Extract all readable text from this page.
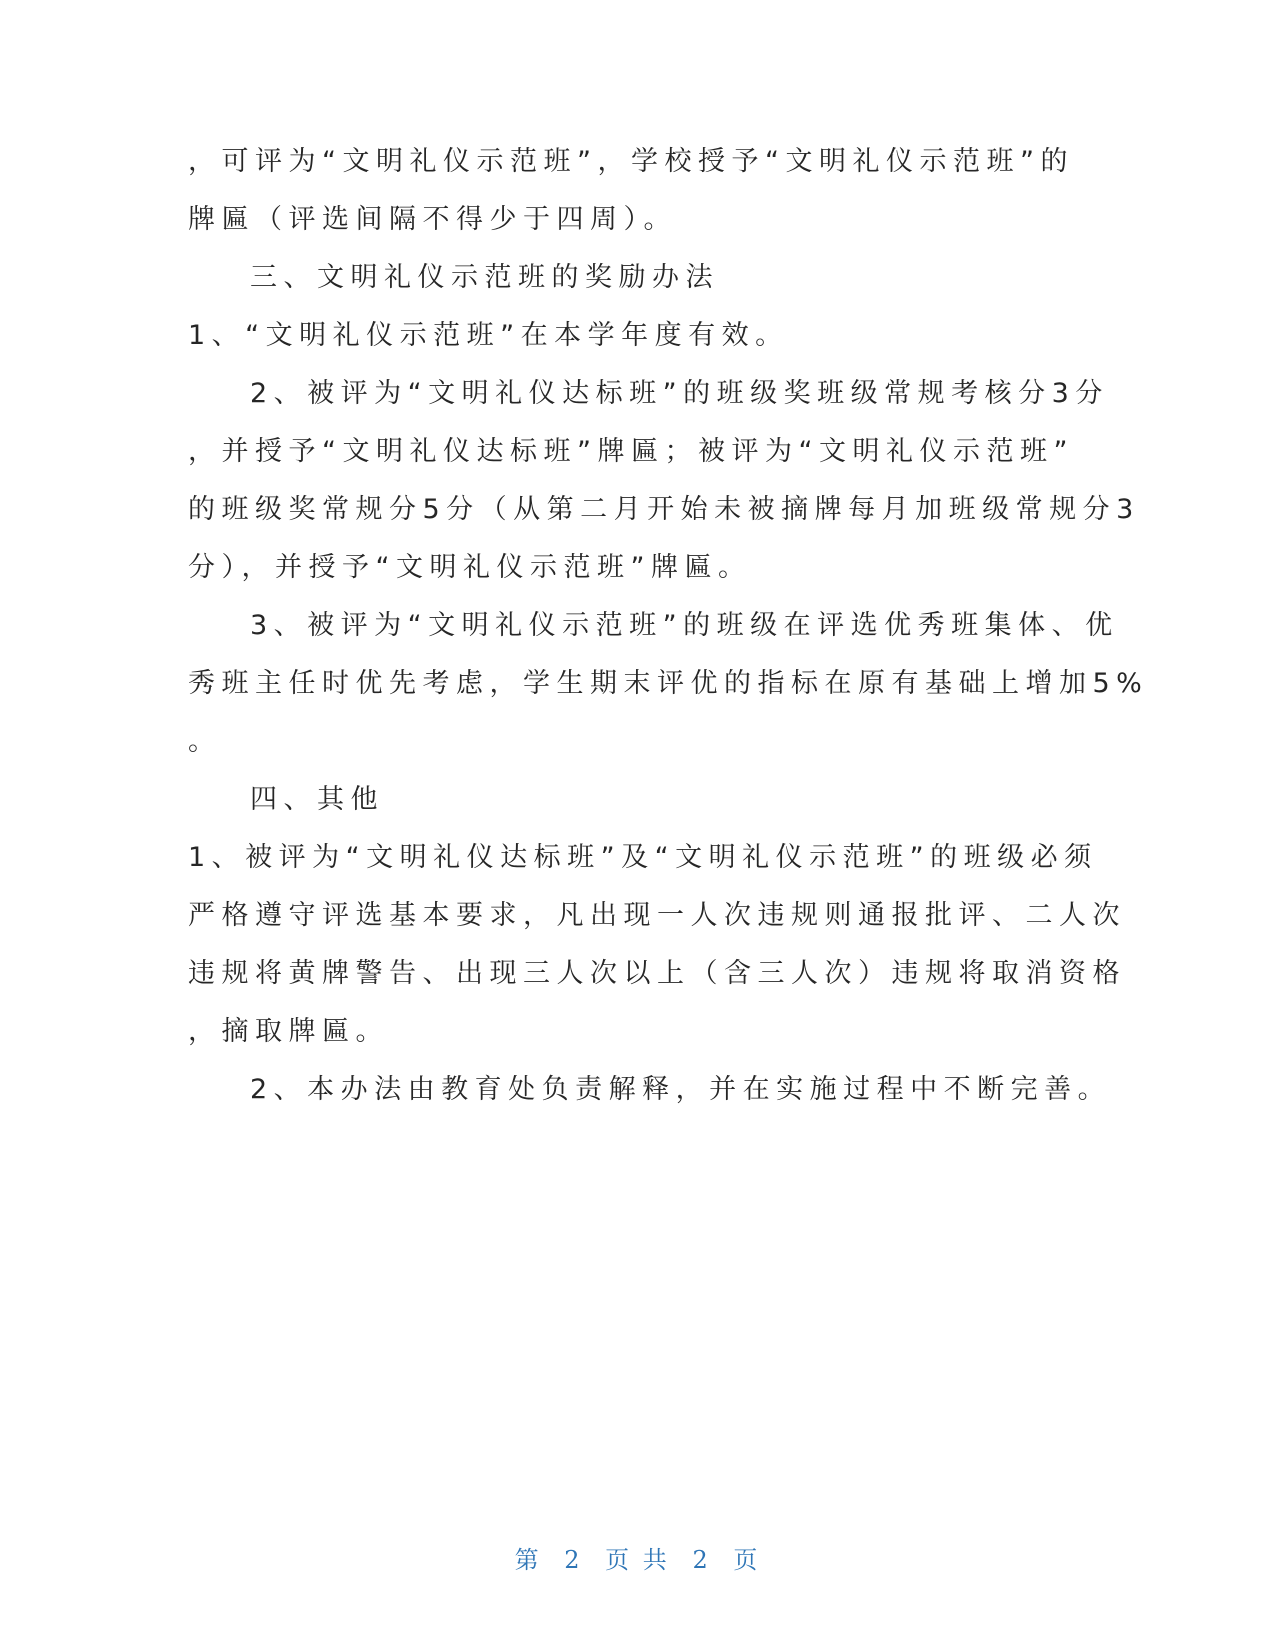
，可评为“文明礼仪示范班”，学校授予“文明礼仪示范班”的
牌匾（评选间隔不得少于四周）。
三、文明礼仪示范班的奖励办法
1、“文明礼仪示范班”在本学年度有效。
2、被评为“文明礼仪达标班”的班级奖班级常规考核分3分
，并授予“文明礼仪达标班”牌匾；被评为“文明礼仪示范班”
的班级奖常规分5分（从第二月开始未被摘牌每月加班级常规分3
分），并授予“文明礼仪示范班”牌匾。
3、被评为“文明礼仪示范班”的班级在评选优秀班集体、优
秀班主任时优先考虑，学生期末评优的指标在原有基础上增加5%
。
四、其他
1、被评为“文明礼仪达标班”及“文明礼仪示范班”的班级必须
严格遵守评选基本要求，凡出现一人次违规则通报批评、二人次
违规将黄牌警告、出现三人次以上（含三人次）违规将取消资格
，摘取牌匾。
2、本办法由教育处负责解释，并在实施过程中不断完善。
第 2 页 共 2 页
